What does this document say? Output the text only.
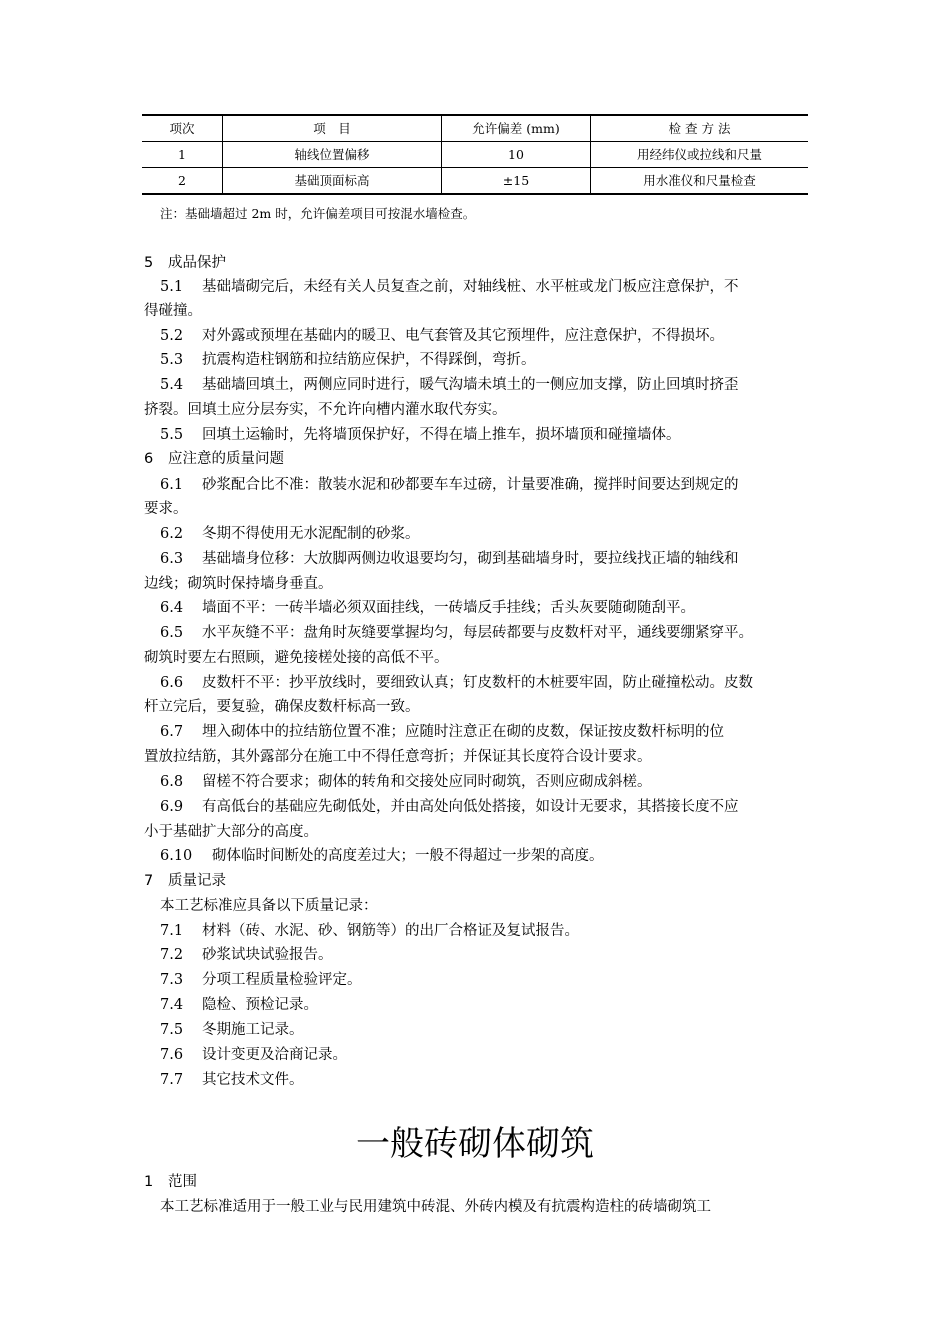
项次	项　目	允许偏差 (mm)	检 查 方 法
1	轴线位置偏移	10	用经纬仪或拉线和尺量
2	基础顶面标高	±15	用水准仪和尺量检查
注：基础墙超过 2m 时，允许偏差项目可按混水墙检查。
5 成品保护
5.1 基础墙砌完后，未经有关人员复查之前，对轴线桩、水平桩或龙门板应注意保护，不
得碰撞。
5.2 对外露或预埋在基础内的暖卫、电气套管及其它预埋件，应注意保护，不得损坏。
5.3 抗震构造柱钢筋和拉结筋应保护，不得踩倒，弯折。
5.4 基础墙回填土，两侧应同时进行，暖气沟墙未填土的一侧应加支撑，防止回填时挤歪
挤裂。回填土应分层夯实，不允许向槽内灌水取代夯实。
5.5 回填土运输时，先将墙顶保护好，不得在墙上推车，损坏墙顶和碰撞墙体。
6 应注意的质量问题
6.1 砂浆配合比不准：散装水泥和砂都要车车过磅，计量要准确，搅拌时间要达到规定的
要求。
6.2 冬期不得使用无水泥配制的砂浆。
6.3 基础墙身位移：大放脚两侧边收退要均匀，砌到基础墙身时，要拉线找正墙的轴线和
边线；砌筑时保持墙身垂直。
6.4 墙面不平：一砖半墙必须双面挂线，一砖墙反手挂线；舌头灰要随砌随刮平。
6.5 水平灰缝不平：盘角时灰缝要掌握均匀，每层砖都要与皮数杆对平，通线要绷紧穿平。
砌筑时要左右照顾，避免接槎处接的高低不平。
6.6 皮数杆不平：抄平放线时，要细致认真；钉皮数杆的木桩要牢固，防止碰撞松动。皮数
杆立完后，要复验，确保皮数杆标高一致。
6.7 埋入砌体中的拉结筋位置不准；应随时注意正在砌的皮数，保证按皮数杆标明的位
置放拉结筋，其外露部分在施工中不得任意弯折；并保证其长度符合设计要求。
6.8 留槎不符合要求；砌体的转角和交接处应同时砌筑，否则应砌成斜槎。
6.9 有高低台的基础应先砌低处，并由高处向低处搭接，如设计无要求，其搭接长度不应
小于基础扩大部分的高度。
6.10 砌体临时间断处的高度差过大；一般不得超过一步架的高度。
7 质量记录
本工艺标准应具备以下质量记录：
7.1 材料（砖、水泥、砂、钢筋等）的出厂合格证及复试报告。
7.2 砂浆试块试验报告。
7.3 分项工程质量检验评定。
7.4 隐检、预检记录。
7.5 冬期施工记录。
7.6 设计变更及洽商记录。
7.7 其它技术文件。
一般砖砌体砌筑
1 范围
本工艺标准适用于一般工业与民用建筑中砖混、外砖内模及有抗震构造柱的砖墙砌筑工
